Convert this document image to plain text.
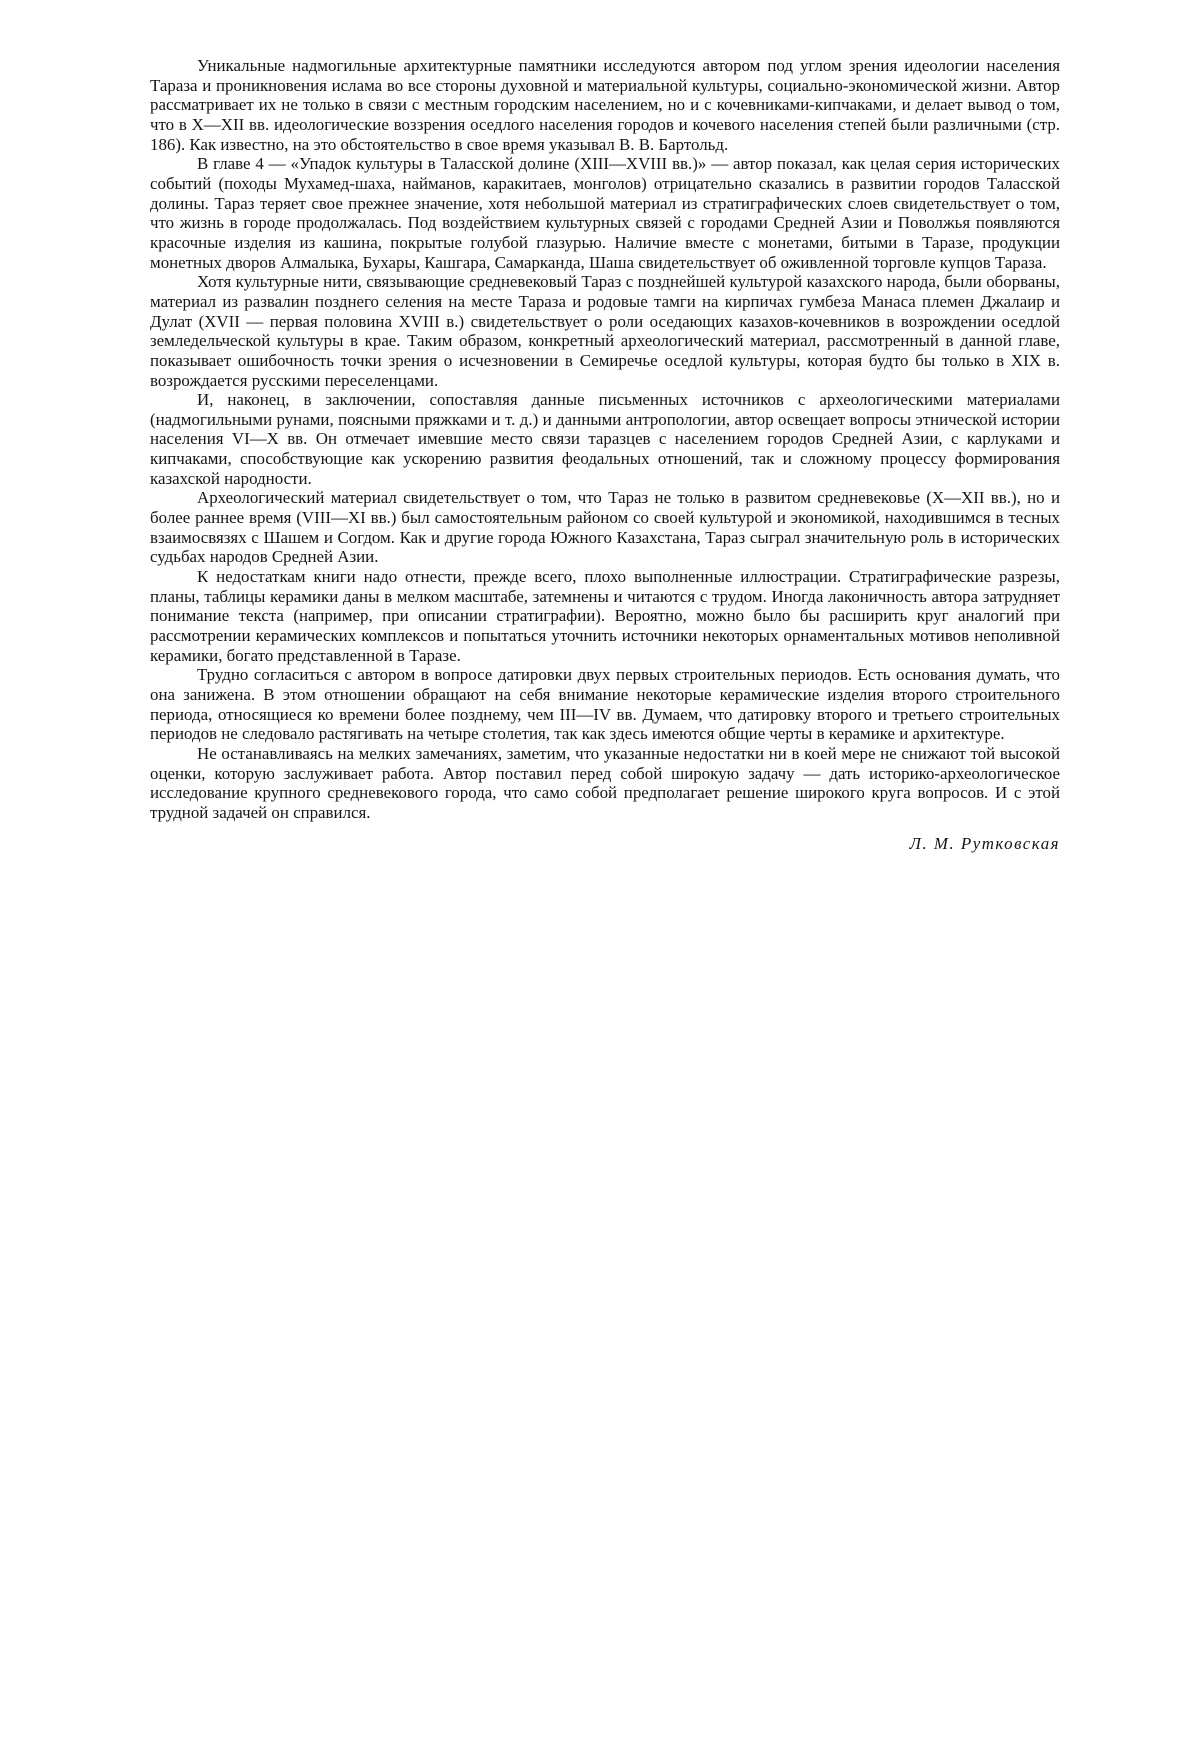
Уникальные надмогильные архитектурные памятники исследуются автором под углом зрения идеологии населения Тараза и проникновения ислама во все стороны духовной и материальной культуры, социально-экономической жизни. Автор рассматривает их не только в связи с местным городским населением, но и с кочевниками-кипчаками, и делает вывод о том, что в X—XII вв. идеологические воззрения оседлого населения городов и кочевого населения степей были различными (стр. 186). Как известно, на это обстоятельство в свое время указывал В. В. Бартольд.

В главе 4 — «Упадок культуры в Таласской долине (XIII—XVIII вв.)» — автор показал, как целая серия исторических событий (походы Мухамед-шаха, найманов, каракитаев, монголов) отрицательно сказались в развитии городов Таласской долины. Тараз теряет свое прежнее значение, хотя небольшой материал из стратиграфических слоев свидетельствует о том, что жизнь в городе продолжалась. Под воздействием культурных связей с городами Средней Азии и Поволжья появляются красочные изделия из кашина, покрытые голубой глазурью. Наличие вместе с монетами, битыми в Таразе, продукции монетных дворов Алмалыка, Бухары, Кашгара, Самарканда, Шаша свидетельствует об оживленной торговле купцов Тараза.

Хотя культурные нити, связывающие средневековый Тараз с позднейшей культурой казахского народа, были оборваны, материал из развалин позднего селения на месте Тараза и родовые тамги на кирпичах гумбеза Манаса племен Джалаир и Дулат (XVII — первая половина XVIII в.) свидетельствует о роли оседающих казахов-кочевников в возрождении оседлой земледельческой культуры в крае. Таким образом, конкретный археологический материал, рассмотренный в данной главе, показывает ошибочность точки зрения о исчезновении в Семиречье оседлой культуры, которая будто бы только в XIX в. возрождается русскими переселенцами.

И, наконец, в заключении, сопоставляя данные письменных источников с археологическими материалами (надмогильными рунами, поясными пряжками и т. д.) и данными антропологии, автор освещает вопросы этнической истории населения VI—X вв. Он отмечает имевшие место связи таразцев с населением городов Средней Азии, с карлуками и кипчаками, способствующие как ускорению развития феодальных отношений, так и сложному процессу формирования казахской народности.

Археологический материал свидетельствует о том, что Тараз не только в развитом средневековье (X—XII вв.), но и более раннее время (VIII—XI вв.) был самостоятельным районом со своей культурой и экономикой, находившимся в тесных взаимосвязях с Шашем и Согдом. Как и другие города Южного Казахстана, Тараз сыграл значительную роль в исторических судьбах народов Средней Азии.

К недостаткам книги надо отнести, прежде всего, плохо выполненные иллюстрации. Стратиграфические разрезы, планы, таблицы керамики даны в мелком масштабе, затемнены и читаются с трудом. Иногда лаконичность автора затрудняет понимание текста (например, при описании стратиграфии). Вероятно, можно было бы расширить круг аналогий при рассмотрении керамических комплексов и попытаться уточнить источники некоторых орнаментальных мотивов неполивной керамики, богато представленной в Таразе.

Трудно согласиться с автором в вопросе датировки двух первых строительных периодов. Есть основания думать, что она занижена. В этом отношении обращают на себя внимание некоторые керамические изделия второго строительного периода, относящиеся ко времени более позднему, чем III—IV вв. Думаем, что датировку второго и третьего строительных периодов не следовало растягивать на четыре столетия, так как здесь имеются общие черты в керамике и архитектуре.

Не останавливаясь на мелких замечаниях, заметим, что указанные недостатки ни в коей мере не снижают той высокой оценки, которую заслуживает работа. Автор поставил перед собой широкую задачу — дать историко-археологическое исследование крупного средневекового города, что само собой предполагает решение широкого круга вопросов. И с этой трудной задачей он справился.

Л. М. Рутковская
